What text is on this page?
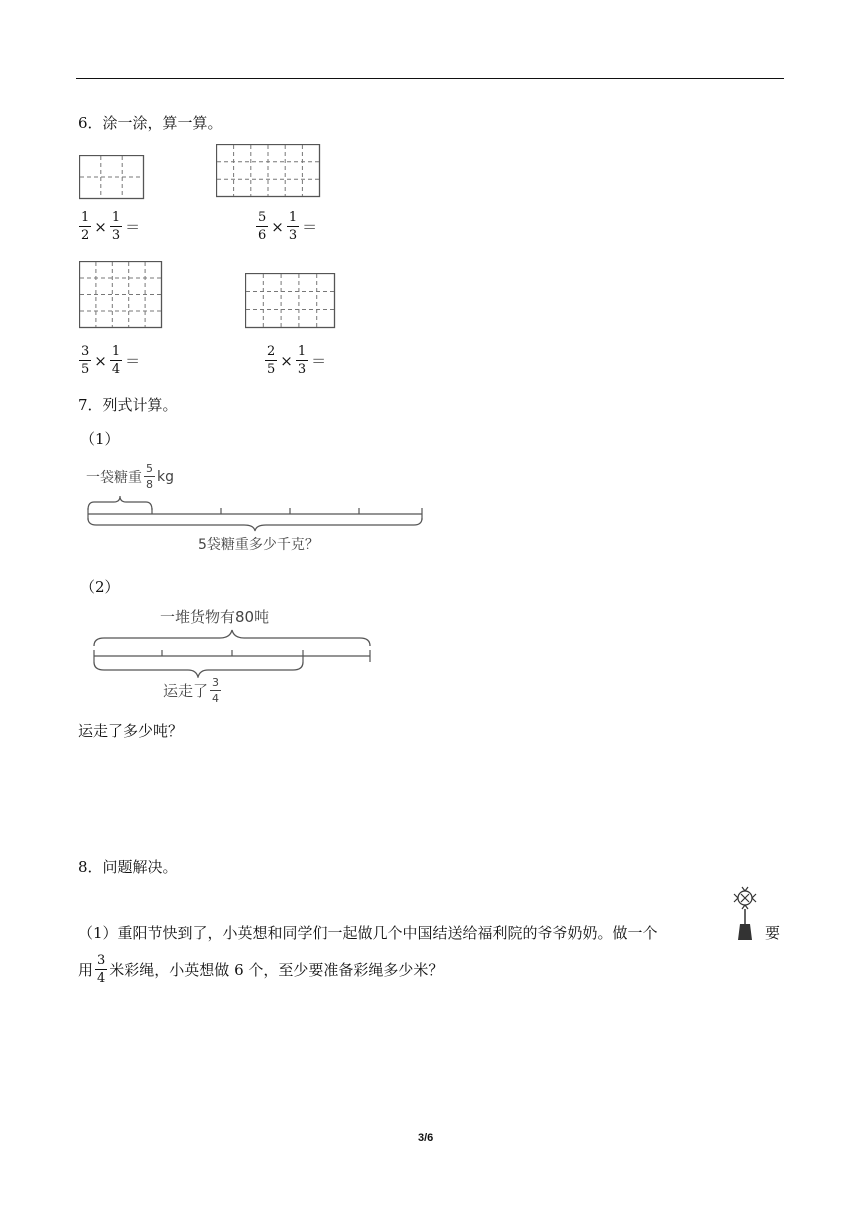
6．涂一涂，算一算。
$\frac{1}{2} \times \frac{1}{3}$ ＝	$\frac{5}{6} \times \frac{1}{3}$ ＝
$\frac{3}{5} \times \frac{1}{4}$ ＝	$\frac{2}{5} \times \frac{1}{3}$ ＝
7．列式计算。
（1）
一袋糖重 $\frac{5}{8}$ kg
5袋糖重多少千克？
（2）
一堆货物有80吨
运走了 $\frac{3}{4}$
运走了多少吨？
8．问题解决。
（1）重阳节快到了，小英想和同学们一起做几个中国结送给福利院的爷爷奶奶。做一个	要
用 $\frac{3}{4}$ 米彩绳，小英想做 6 个，至少要准备彩绳多少米？
3/6
